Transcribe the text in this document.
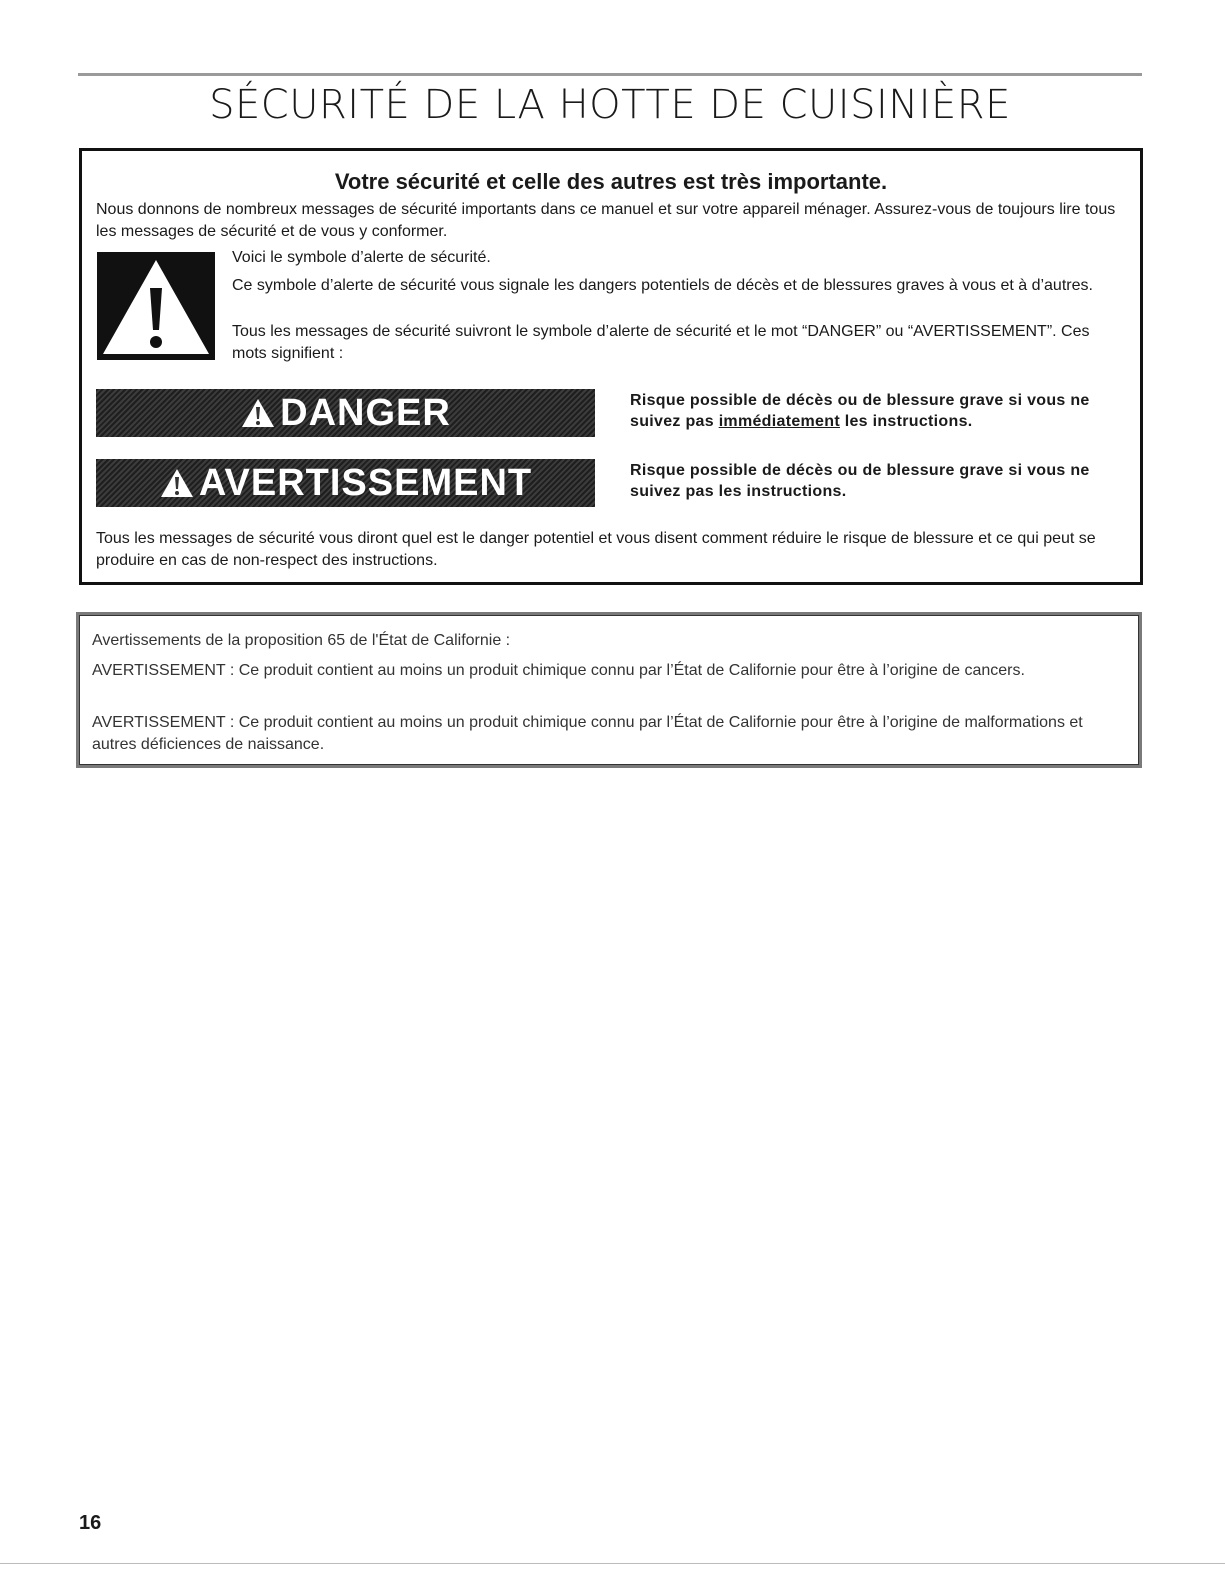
SÉCURITÉ DE LA HOTTE DE CUISINIÈRE
Votre sécurité et celle des autres est très importante.

Nous donnons de nombreux messages de sécurité importants dans ce manuel et sur votre appareil ménager. Assurez-vous de toujours lire tous les messages de sécurité et de vous y conformer.

Voici le symbole d’alerte de sécurité.

Ce symbole d’alerte de sécurité vous signale les dangers potentiels de décès et de blessures graves à vous et à d’autres.

Tous les messages de sécurité suivront le symbole d’alerte de sécurité et le mot “DANGER” ou “AVERTISSEMENT”. Ces mots signifient :

DANGER	Risque possible de décès ou de blessure grave si vous ne suivez pas immédiatement les instructions.
AVERTISSEMENT	Risque possible de décès ou de blessure grave si vous ne suivez pas les instructions.

Tous les messages de sécurité vous diront quel est le danger potentiel et vous disent comment réduire le risque de blessure et ce qui peut se produire en cas de non-respect des instructions.

Avertissements de la proposition 65 de l'État de Californie :

AVERTISSEMENT : Ce produit contient au moins un produit chimique connu par l’État de Californie pour être à l’origine de cancers.

AVERTISSEMENT : Ce produit contient au moins un produit chimique connu par l’État de Californie pour être à l’origine de malformations et autres déficiences de naissance.

16
